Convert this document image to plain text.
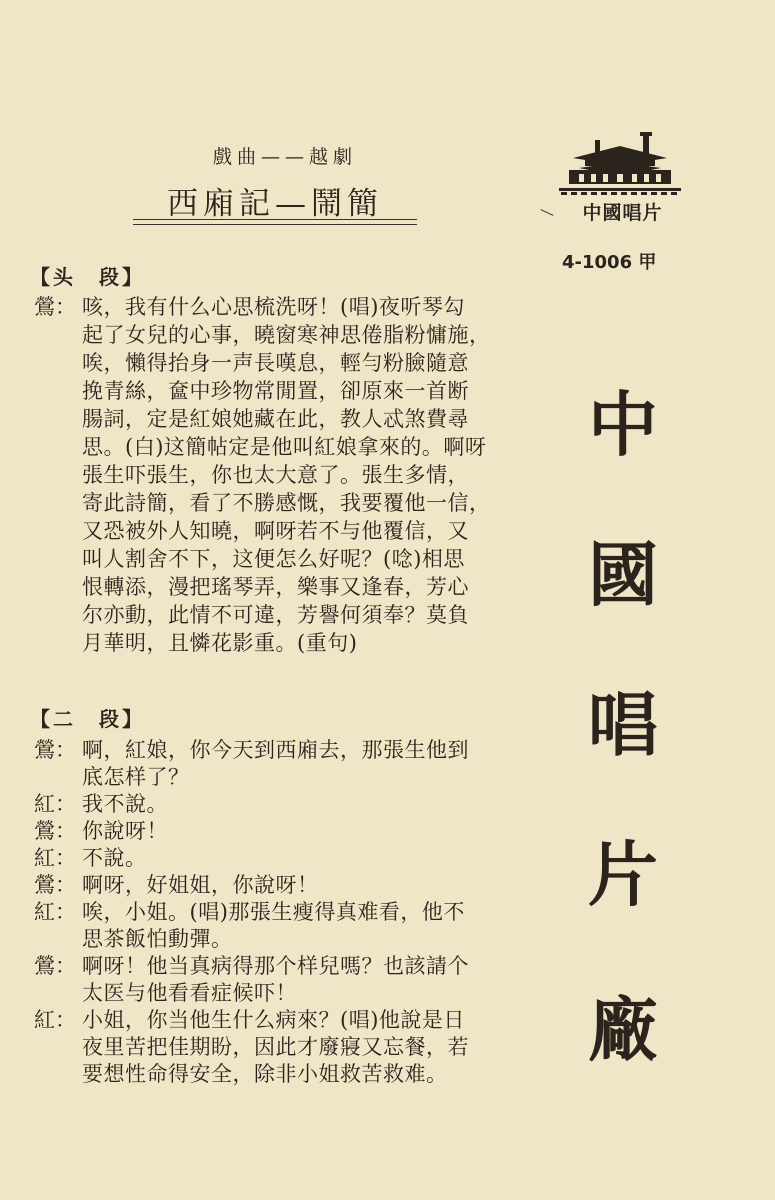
戲曲——越劇
西廂記—鬧簡	中國唱片
4-1006 甲
中
國
唱
片
廠
【头　段】
鶯： 咳，我有什么心思梳洗呀！(唱)夜听琴勾
起了女兒的心事，曉窗寒神思倦脂粉慵施，
唉，懶得抬身一声長嘆息，輕勻粉臉隨意
挽青絲，奩中珍物常閒置，卻原來一首断
腸詞，定是紅娘她藏在此，教人忒煞費尋
思。(白)这簡帖定是他叫紅娘拿來的。啊呀
張生吓張生，你也太大意了。張生多情，
寄此詩簡，看了不勝感慨，我要覆他一信，
又恐被外人知曉，啊呀若不与他覆信，又
叫人割舍不下，这便怎么好呢？(唸)相思
恨轉添，漫把瑤琴弄，樂事又逢春，芳心
尔亦動，此情不可違，芳譽何須奉？莫負
月華明，且憐花影重。(重句)
【二　段】
鶯： 啊，紅娘，你今天到西廂去，那張生他到
底怎样了？
紅： 我不說。
鶯： 你說呀！
紅： 不說。
鶯： 啊呀，好姐姐，你說呀！
紅： 唉，小姐。(唱)那張生瘦得真难看，他不
思茶飯怕動彈。
鶯： 啊呀！他当真病得那个样兒嗎？也該請个
太医与他看看症候吓！
紅： 小姐，你当他生什么病來？(唱)他說是日
夜里苦把佳期盼，因此才廢寢又忘餐，若
要想性命得安全，除非小姐救苦救难。
